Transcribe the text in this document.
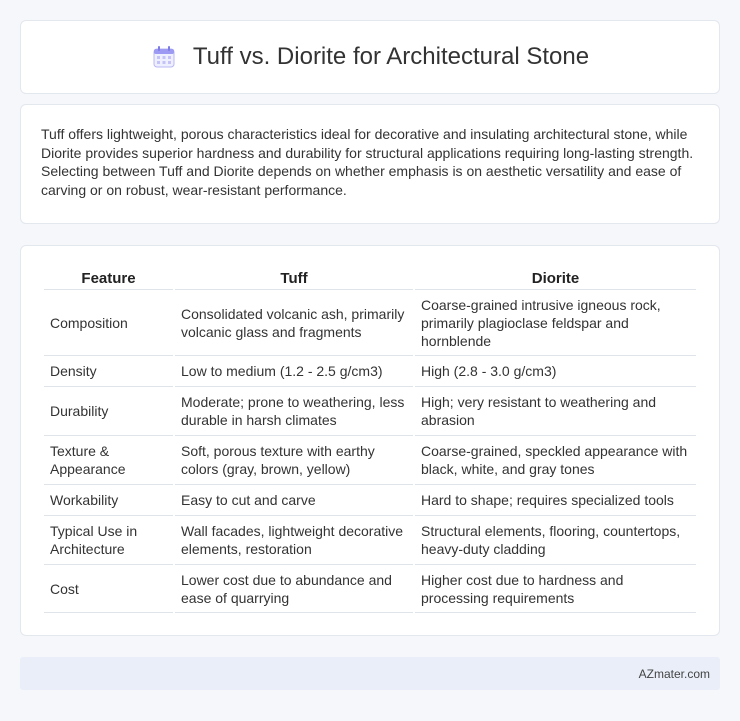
Tuff vs. Diorite for Architectural Stone

Tuff offers lightweight, porous characteristics ideal for decorative and insulating architectural stone, while Diorite provides superior hardness and durability for structural applications requiring long-lasting strength. Selecting between Tuff and Diorite depends on whether emphasis is on aesthetic versatility and ease of carving or on robust, wear-resistant performance.

Feature	Tuff	Diorite
Composition	Consolidated volcanic ash, primarily volcanic glass and fragments	Coarse-grained intrusive igneous rock, primarily plagioclase feldspar and hornblende
Density	Low to medium (1.2 - 2.5 g/cm3)	High (2.8 - 3.0 g/cm3)
Durability	Moderate; prone to weathering, less durable in harsh climates	High; very resistant to weathering and abrasion
Texture & Appearance	Soft, porous texture with earthy colors (gray, brown, yellow)	Coarse-grained, speckled appearance with black, white, and gray tones
Workability	Easy to cut and carve	Hard to shape; requires specialized tools
Typical Use in Architecture	Wall facades, lightweight decorative elements, restoration	Structural elements, flooring, countertops, heavy-duty cladding
Cost	Lower cost due to abundance and ease of quarrying	Higher cost due to hardness and processing requirements
AZmater.com
